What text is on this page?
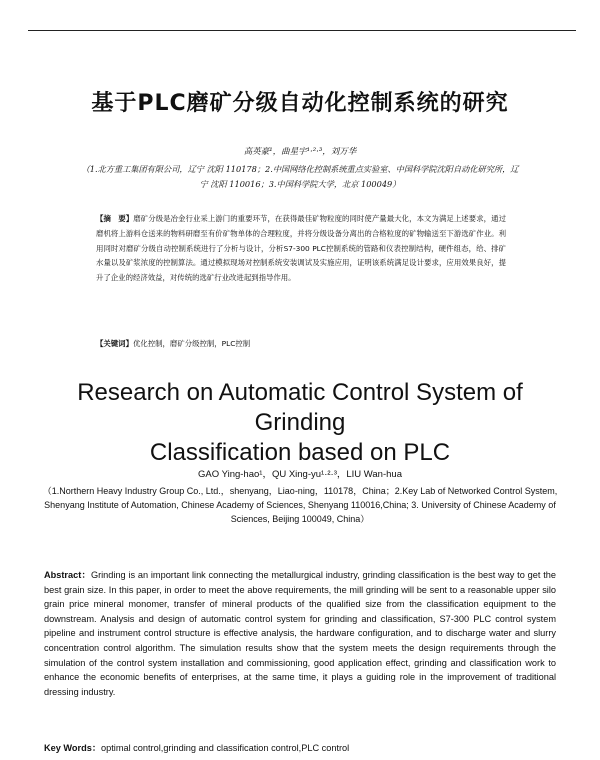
基于PLC磨矿分级自动化控制系统的研究
高英豪¹，曲星宇¹·²·³，刘万华
（1.北方重工集团有限公司，辽宁 沈阳 110178；2.中国网络化控制系统重点实验室、中国科学院沈阳自动化研究所，辽宁 沈阳 110016；3.中国科学院大学，北京 100049）
【摘　要】磨矿分级是冶金行业采上游门的重要环节，在获得最佳矿物粒度的同时使产量最大化，本文为满足上述要求，通过磨机将上游料仓送来的物料研磨至有价矿物单体的合理粒度，并将分级设备分离出的合格粒度的矿物输送至下游选矿作业。利用同时对磨矿分级自动控制系统进行了分析与设计，分析S7-300 PLC控制系统的管路和仪表控制结构，硬件组态，给、排矿水量以及矿浆浓度的控制算法。通过模拟现场对控制系统安装调试及实施应用，证明该系统满足设计要求，应用效果良好，提升了企业的经济效益，对传统的选矿行业改进起到指导作用。
【关键词】优化控制，磨矿分级控制，PLC控制
Research on Automatic Control System of Grinding
Classification based on PLC
GAO Ying-hao¹，QU Xing-yu¹·²·³，LIU Wan-hua
（1.Northern Heavy Industry Group Co., Ltd.，shenyang，Liao-ning，110178，China；2.Key Lab of Networked Control System, Shenyang Institute of Automation, Chinese Academy of Sciences, Shenyang 110016,China; 3. University of Chinese Academy of Sciences, Beijing 100049, China）
Abstract：Grinding is an important link connecting the metallurgical industry, grinding classification is the best way to get the best grain size. In this paper, in order to meet the above requirements, the mill grinding will be sent to a reasonable upper silo grain price mineral monomer, transfer of mineral products of the qualified size from the classification equipment to the downstream. Analysis and design of automatic control system for grinding and classification, S7-300 PLC control system pipeline and instrument control structure is effective analysis, the hardware configuration, and to discharge water and slurry concentration control algorithm. The simulation results show that the system meets the design requirements through the simulation of the control system installation and commissioning, good application effect, grinding and classification work to enhance the economic benefits of enterprises, at the same time, it plays a guiding role in the improvement of traditional dressing industry.
Key Words：optimal control,grinding and classification control,PLC control
